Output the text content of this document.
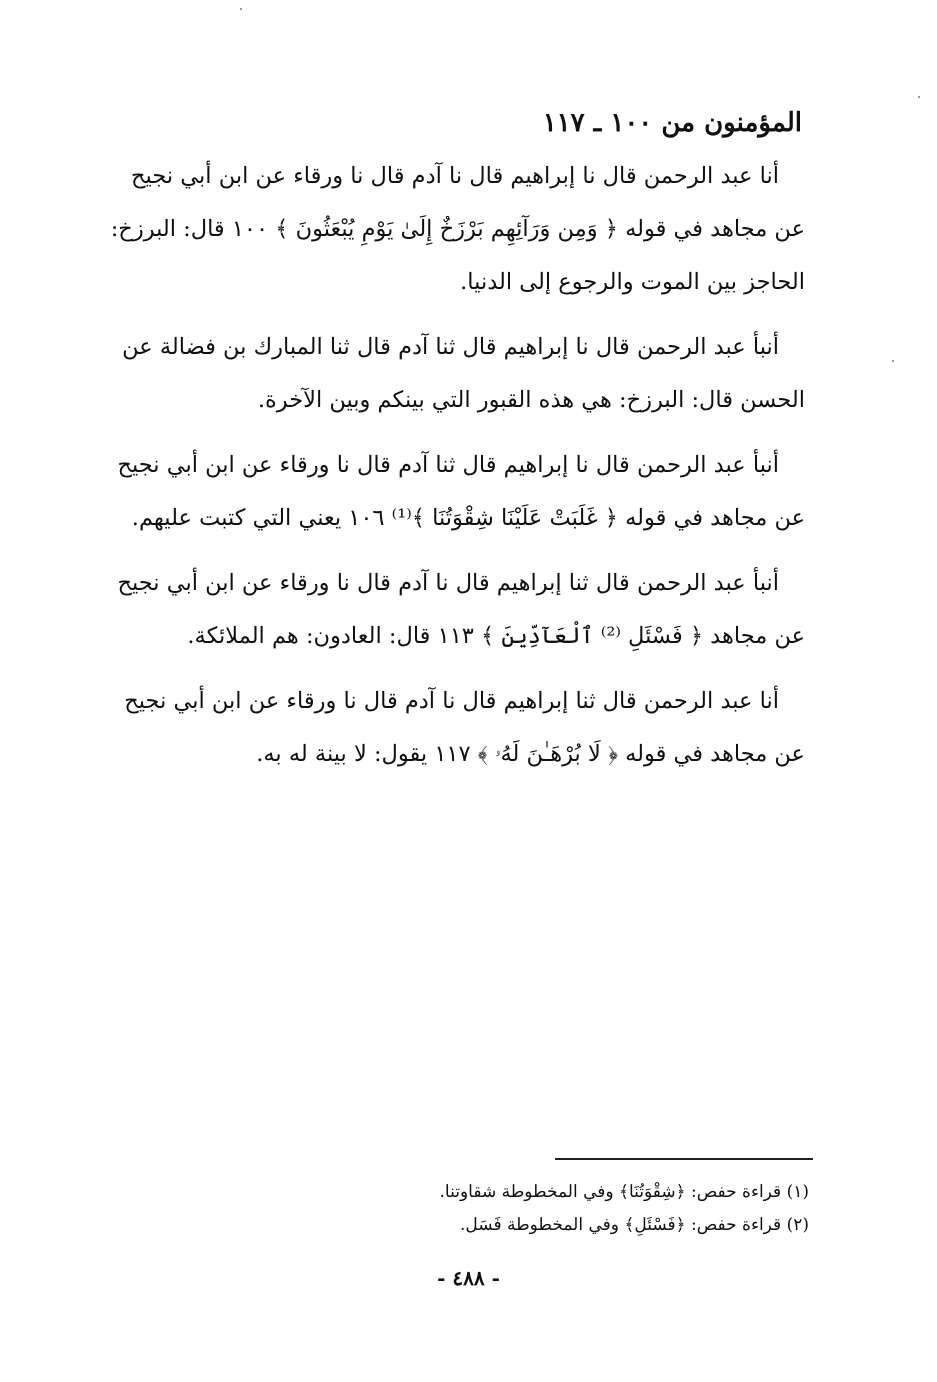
المؤمنون من ١٠٠ ـ ١١٧

أنا عبد الرحمن قال نا إبراهيم قال نا آدم قال نا ورقاء عن ابن أبي نجيح
عن مجاهد في قوله ﴿ وَمِن وَرَآئِهِم بَرْزَخٌ إِلَىٰ يَوْمِ يُبْعَثُونَ ﴾ ١٠٠ قال: البرزخ:
الحاجز بين الموت والرجوع إلى الدنيا.

أنبأ عبد الرحمن قال نا إبراهيم قال ثنا آدم قال ثنا المبارك بن فضالة عن
الحسن قال: البرزخ: هي هذه القبور التي بينكم وبين الآخرة.

أنبأ عبد الرحمن قال نا إبراهيم قال ثنا آدم قال نا ورقاء عن ابن أبي نجيح
عن مجاهد في قوله ﴿ غَلَبَتْ عَلَيْنَا شِقْوَتُنَا ﴾⁽¹⁾ ١٠٦ يعني التي كتبت عليهم.

أنبأ عبد الرحمن قال ثنا إبراهيم قال نا آدم قال نا ورقاء عن ابن أبي نجيح
عن مجاهد ﴿ فَسْئَلِ ⁽²⁾ ٱلْعَآدِّينَ ﴾ ١١٣ قال: العادون: هم الملائكة.

أنا عبد الرحمن قال ثنا إبراهيم قال نا آدم قال نا ورقاء عن ابن أبي نجيح
عن مجاهد في قوله ﴿ لَا بُرْهَـٰنَ لَهُۥ ﴾ ١١٧ يقول: لا بينة له به.

(١) قراءة حفص: ﴿شِقْوَتُنَا﴾ وفي المخطوطة شقاوتنا.

(٢) قراءة حفص: ﴿فَسْئَلِ﴾ وفي المخطوطة فَسَل.

- ٤٨٨ -
